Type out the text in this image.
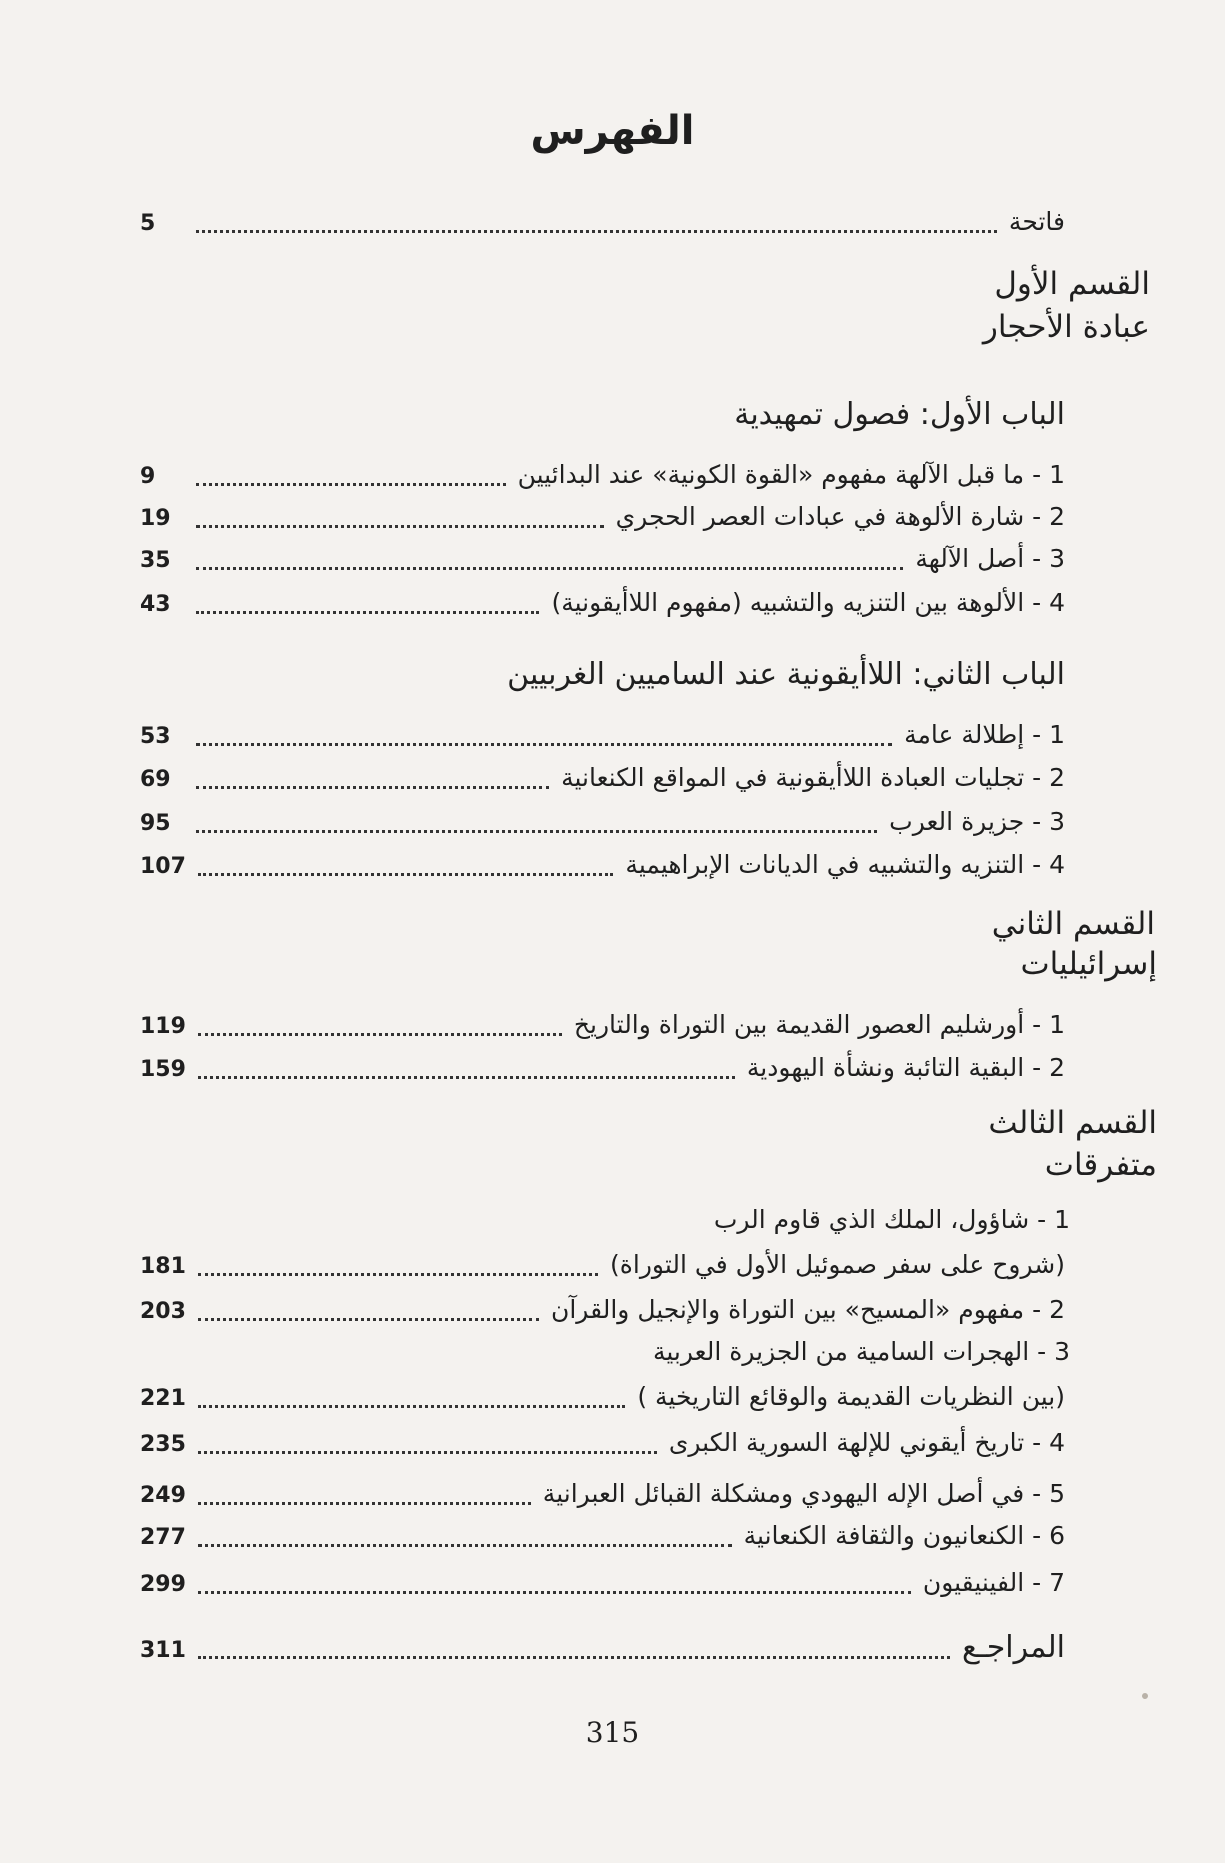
الفهرس
فاتحة
5
القسم الأول
عبادة الأحجار
الباب الأول: فصول تمهيدية
1 - ما قبل الآلهة مفهوم «القوة الكونية» عند البدائيين
9
2 - شارة الألوهة في عبادات العصر الحجري
19
3 - أصل الآلهة
35
4 - الألوهة بين التنزيه والتشبيه (مفهوم اللاأيقونية)
43
الباب الثاني: اللاأيقونية عند الساميين الغربيين
1 - إطلالة عامة
53
2 - تجليات العبادة اللاأيقونية في المواقع الكنعانية
69
3 - جزيرة العرب
95
4 - التنزيه والتشبيه في الديانات الإبراهيمية
107
القسم الثاني
إسرائيليات
1 - أورشليم العصور القديمة بين التوراة والتاريخ
119
2 - البقية التائبة ونشأة اليهودية
159
القسم الثالث
متفرقات
1 - شاؤول، الملك الذي قاوم الرب
(شروح على سفر صموئيل الأول في التوراة)
181
2 - مفهوم «المسيح» بين التوراة والإنجيل والقرآن
203
3 - الهجرات السامية من الجزيرة العربية
(بين النظريات القديمة والوقائع التاريخية )
221
4 - تاريخ أيقوني للإلهة السورية الكبرى
235
5 - في أصل الإله اليهودي ومشكلة القبائل العبرانية
249
6 - الكنعانيون والثقافة الكنعانية
277
7 - الفينيقيون
299
المراجـع
311
315
